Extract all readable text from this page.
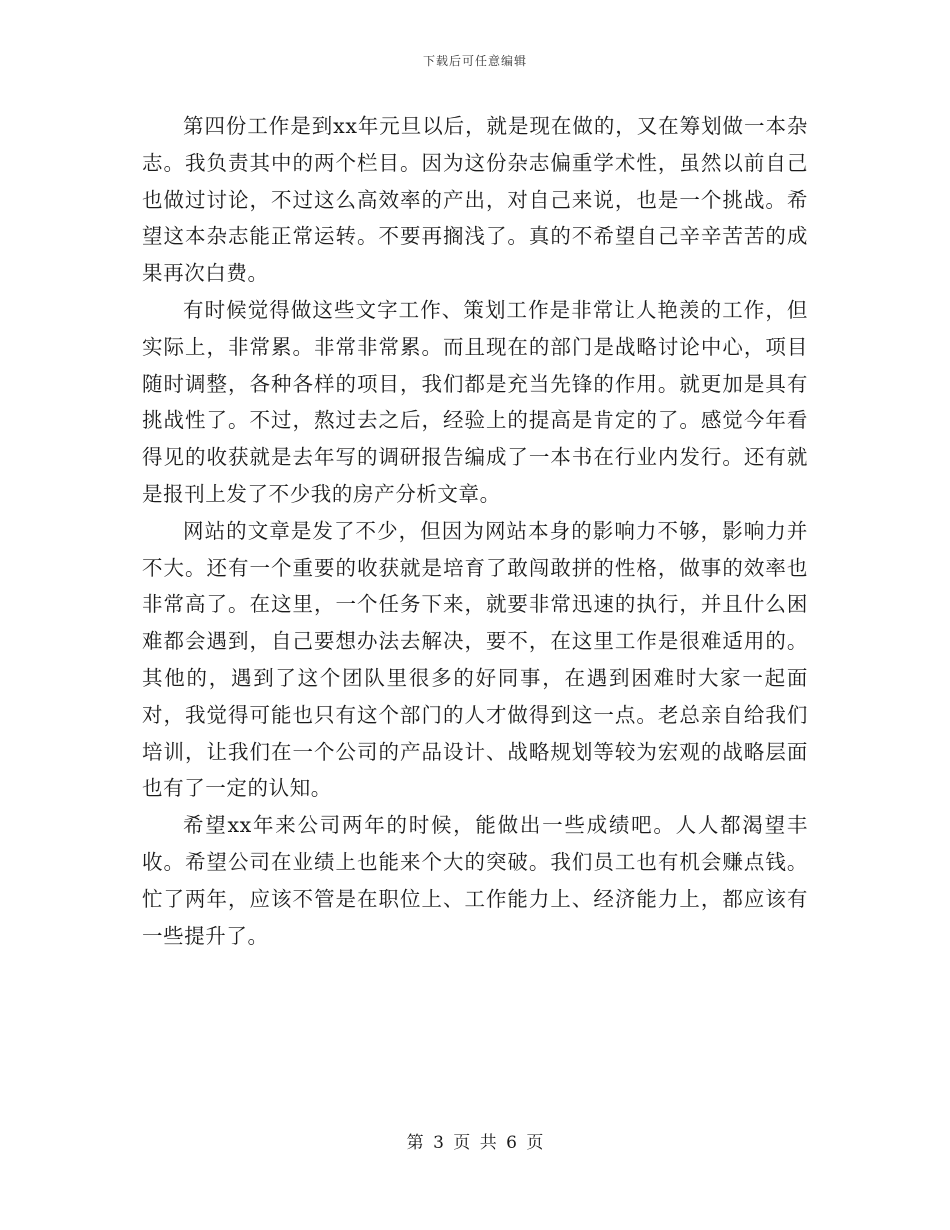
下载后可任意编辑

第四份工作是到xx年元旦以后，就是现在做的，又在筹划做一本杂志。我负责其中的两个栏目。因为这份杂志偏重学术性，虽然以前自己也做过讨论，不过这么高效率的产出，对自己来说，也是一个挑战。希望这本杂志能正常运转。不要再搁浅了。真的不希望自己辛辛苦苦的成果再次白费。

有时候觉得做这些文字工作、策划工作是非常让人艳羡的工作，但实际上，非常累。非常非常累。而且现在的部门是战略讨论中心，项目随时调整，各种各样的项目，我们都是充当先锋的作用。就更加是具有挑战性了。不过，熬过去之后，经验上的提高是肯定的了。感觉今年看得见的收获就是去年写的调研报告编成了一本书在行业内发行。还有就是报刊上发了不少我的房产分析文章。

网站的文章是发了不少，但因为网站本身的影响力不够，影响力并不大。还有一个重要的收获就是培育了敢闯敢拼的性格，做事的效率也非常高了。在这里，一个任务下来，就要非常迅速的执行，并且什么困难都会遇到，自己要想办法去解决，要不，在这里工作是很难适用的。其他的，遇到了这个团队里很多的好同事，在遇到困难时大家一起面对，我觉得可能也只有这个部门的人才做得到这一点。老总亲自给我们培训，让我们在一个公司的产品设计、战略规划等较为宏观的战略层面也有了一定的认知。

希望xx年来公司两年的时候，能做出一些成绩吧。人人都渴望丰收。希望公司在业绩上也能来个大的突破。我们员工也有机会赚点钱。忙了两年，应该不管是在职位上、工作能力上、经济能力上，都应该有一些提升了。

第 3 页 共 6 页
